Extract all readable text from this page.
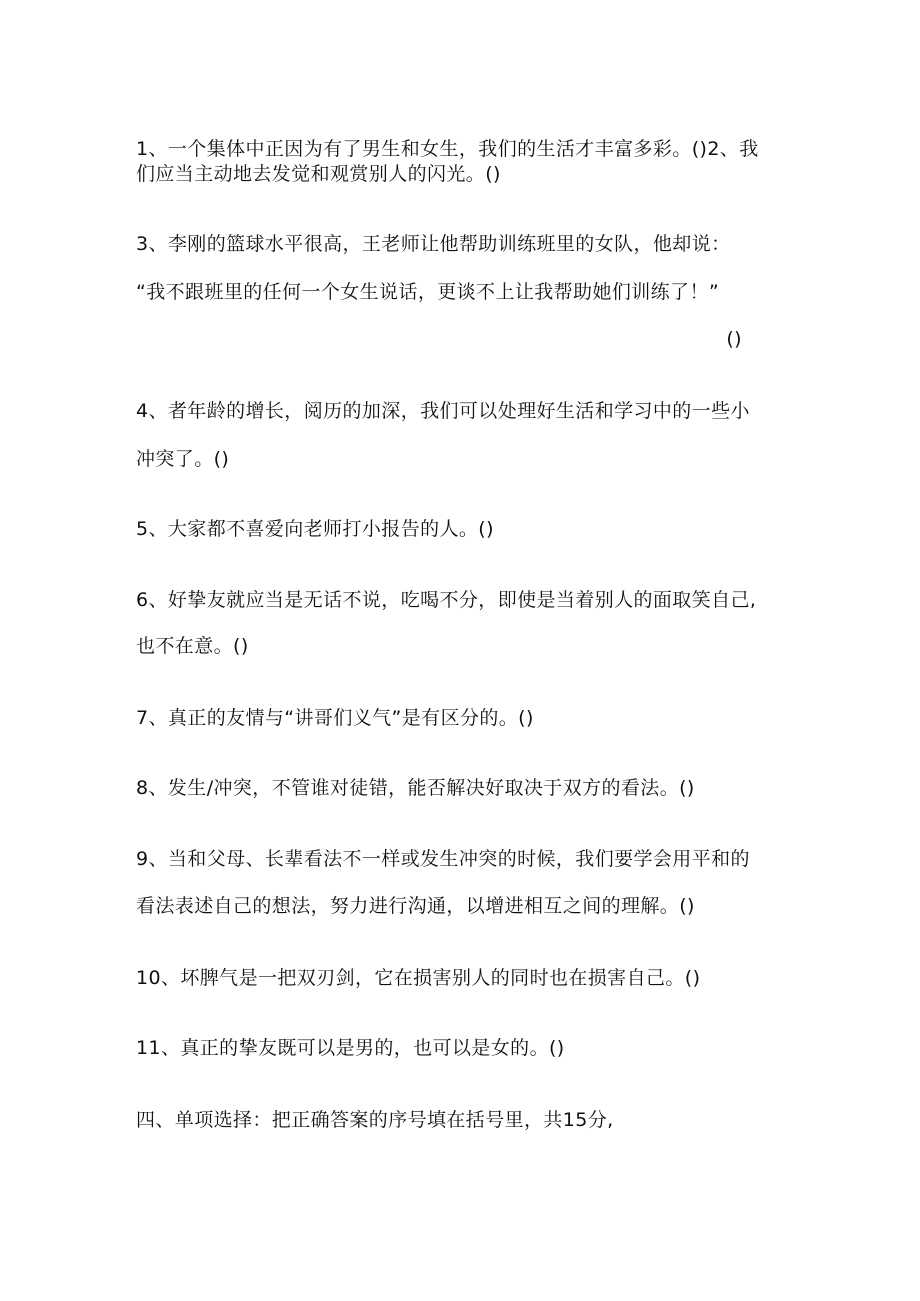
1、一个集体中正因为有了男生和女生，我们的生活才丰富多彩。()2、我
们应当主动地去发觉和观赏别人的闪光。()
3、李刚的篮球水平很高，王老师让他帮助训练班里的女队，他却说：
“我不跟班里的任何一个女生说话，更谈不上让我帮助她们训练了！”
()
4、者年龄的增长，阅历的加深，我们可以处理好生活和学习中的一些小
冲突了。()
5、大家都不喜爱向老师打小报告的人。()
6、好挚友就应当是无话不说，吃喝不分，即使是当着别人的面取笑自己,
也不在意。()
7、真正的友情与“讲哥们义气”是有区分的。()
8、发生/冲突，不管谁对徒错，能否解决好取决于双方的看法。()
9、当和父母、长辈看法不一样或发生冲突的时候，我们要学会用平和的
看法表述自己的想法，努力进行沟通，以增进相互之间的理解。()
10、坏脾气是一把双刃剑，它在损害别人的同时也在损害自己。()
11、真正的挚友既可以是男的，也可以是女的。()
四、单项选择：把正确答案的序号填在括号里，共15分,
